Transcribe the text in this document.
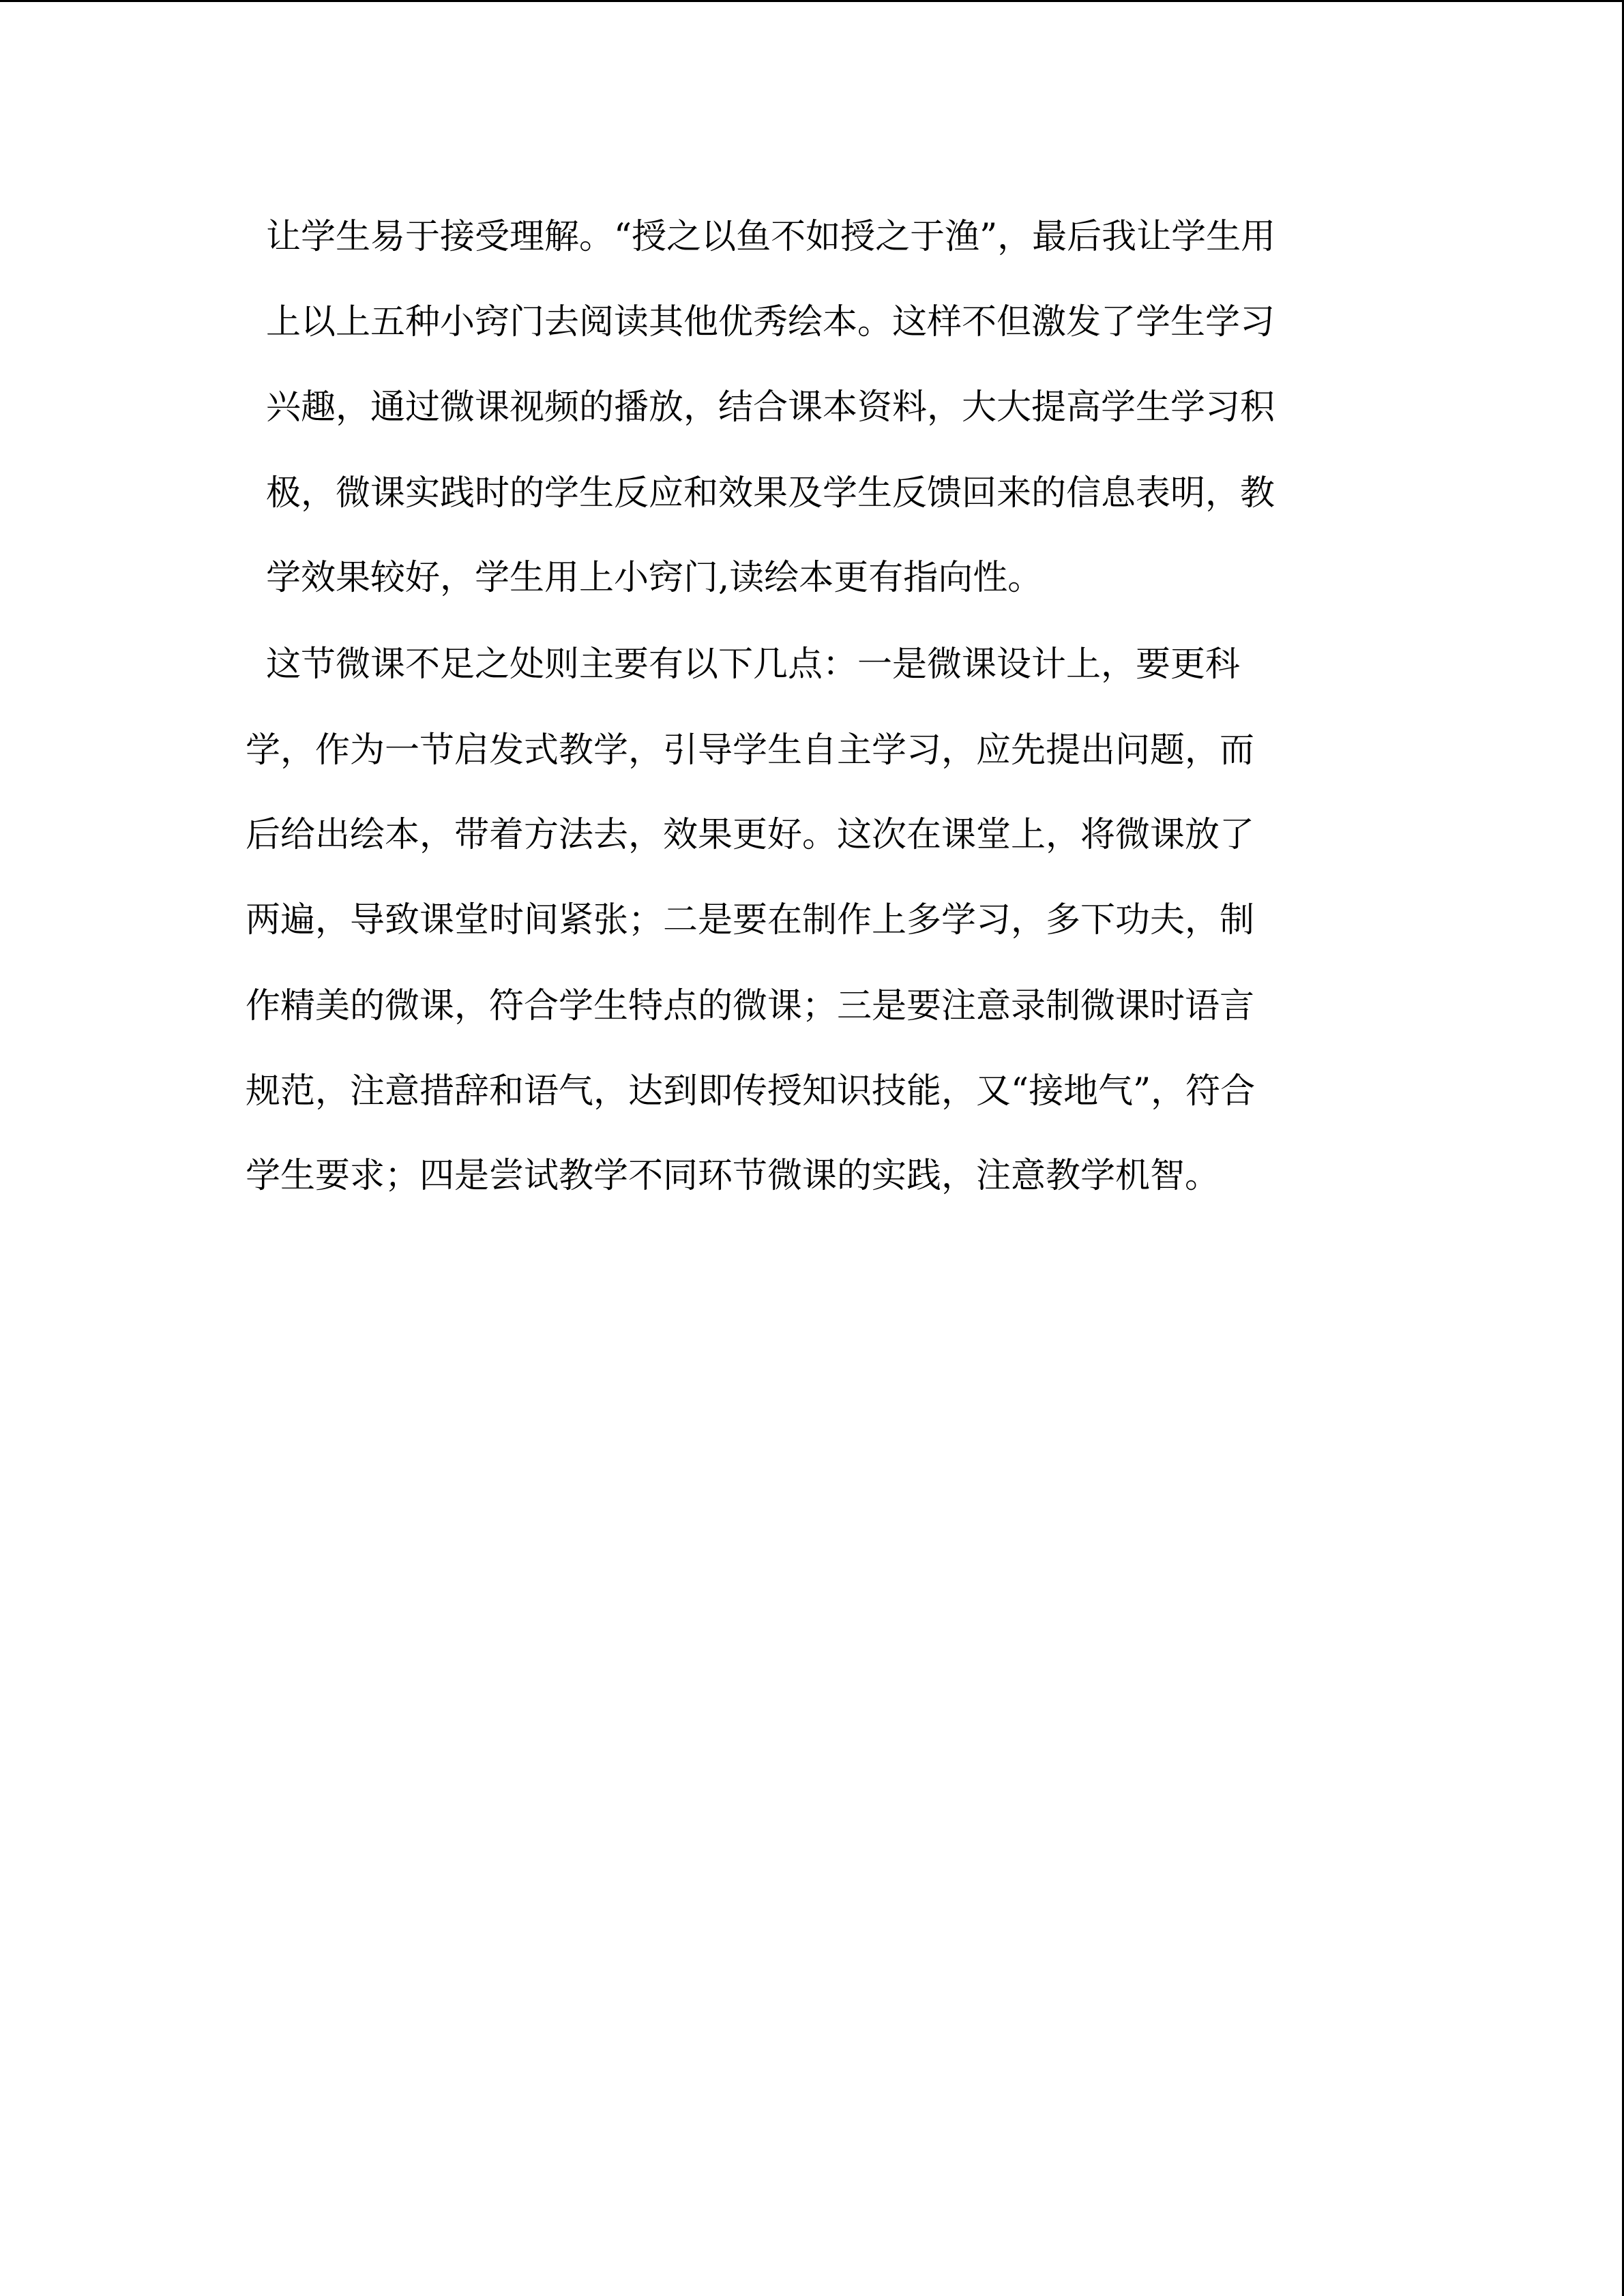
让学生易于接受理解。“授之以鱼不如授之于渔”，最后我让学生用
上以上五种小窍门去阅读其他优秀绘本。这样不但激发了学生学习
兴趣，通过微课视频的播放，结合课本资料，大大提高学生学习积
极，微课实践时的学生反应和效果及学生反馈回来的信息表明，教
学效果较好，学生用上小窍门,读绘本更有指向性。
这节微课不足之处则主要有以下几点：一是微课设计上，要更科
学，作为一节启发式教学，引导学生自主学习，应先提出问题，而
后给出绘本，带着方法去，效果更好。这次在课堂上，将微课放了
两遍，导致课堂时间紧张；二是要在制作上多学习，多下功夫，制
作精美的微课，符合学生特点的微课；三是要注意录制微课时语言
规范，注意措辞和语气，达到即传授知识技能，又“接地气”，符合
学生要求；四是尝试教学不同环节微课的实践，注意教学机智。
